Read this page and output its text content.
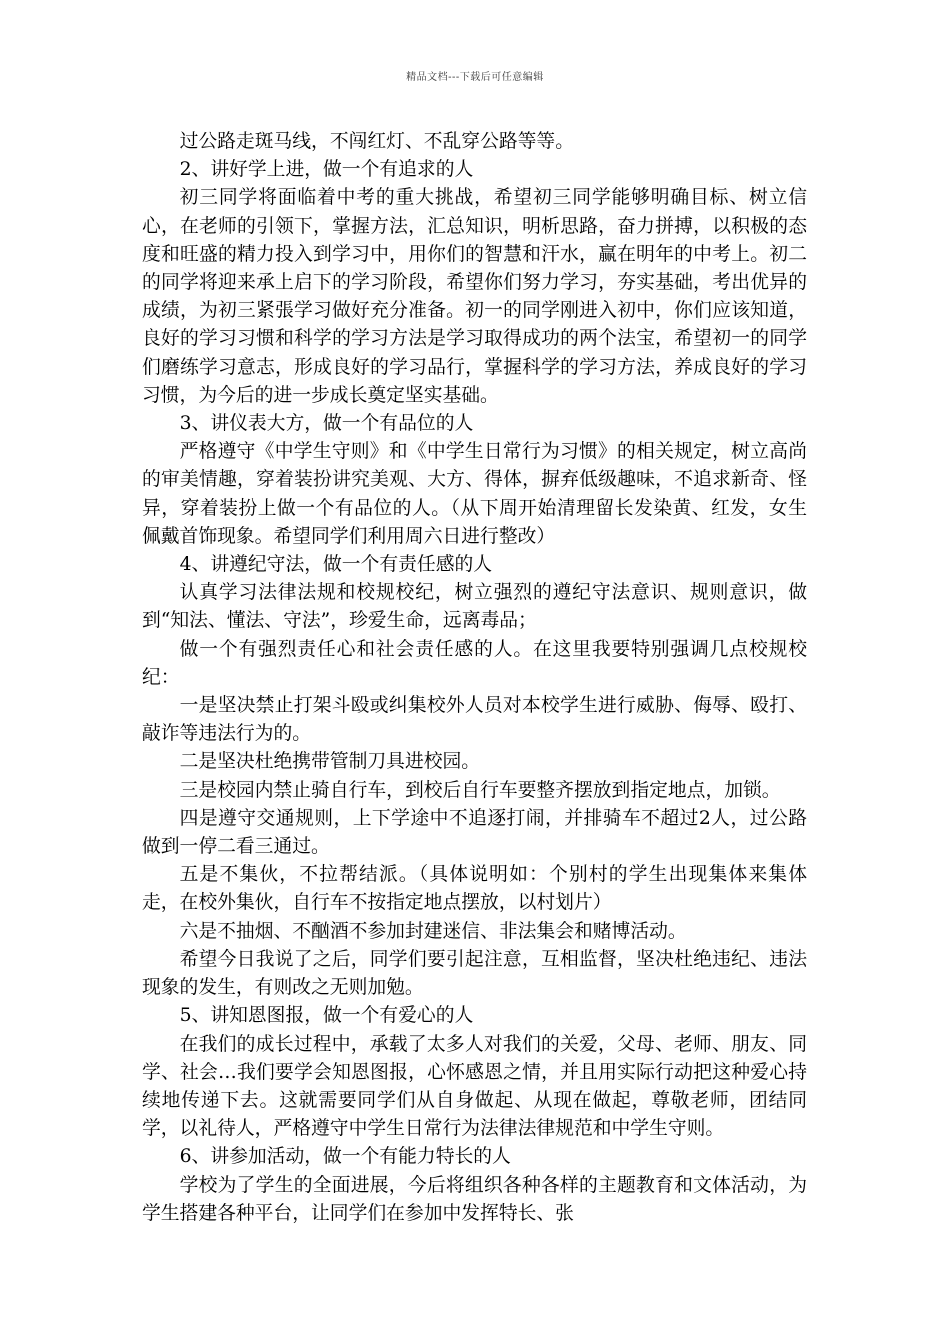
精品文档---下载后可任意编辑

过公路走斑马线，不闯红灯、不乱穿公路等等。

2、讲好学上进，做一个有追求的人

初三同学将面临着中考的重大挑战，希望初三同学能够明确目标、树立信心，在老师的引领下，掌握方法，汇总知识，明析思路，奋力拼搏，以积极的态度和旺盛的精力投入到学习中，用你们的智慧和汗水，赢在明年的中考上。初二的同学将迎来承上启下的学习阶段，希望你们努力学习，夯实基础，考出优异的成绩，为初三紧張学习做好充分准备。初一的同学刚进入初中，你们应该知道，良好的学习习惯和科学的学习方法是学习取得成功的两个法宝，希望初一的同学们磨练学习意志，形成良好的学习品行，掌握科学的学习方法，养成良好的学习习惯，为今后的进一步成长奠定坚实基础。

3、讲仪表大方，做一个有品位的人

严格遵守《中学生守则》和《中学生日常行为习惯》的相关规定，树立高尚的审美情趣，穿着装扮讲究美观、大方、得体，摒弃低级趣味，不追求新奇、怪异，穿着装扮上做一个有品位的人。（从下周开始清理留长发染黄、红发，女生佩戴首饰现象。希望同学们利用周六日进行整改）

4、讲遵纪守法，做一个有责任感的人

认真学习法律法规和校规校纪，树立强烈的遵纪守法意识、规则意识，做到“知法、懂法、守法”，珍爱生命，远离毒品；

做一个有强烈责任心和社会责任感的人。在这里我要特别强调几点校规校纪：

一是坚决禁止打架斗殴或纠集校外人员对本校学生进行威胁、侮辱、殴打、敲诈等违法行为的。

二是坚决杜绝携带管制刀具进校园。

三是校园内禁止骑自行车，到校后自行车要整齐摆放到指定地点，加锁。

四是遵守交通规则，上下学途中不追逐打闹，并排骑车不超过2人，过公路做到一停二看三通过。

五是不集伙，不拉帮结派。（具体说明如：个别村的学生出现集体来集体走，在校外集伙，自行车不按指定地点摆放，以村划片）

六是不抽烟、不酗酒不参加封建迷信、非法集会和赌博活动。

希望今日我说了之后，同学们要引起注意，互相监督，坚决杜绝违纪、违法现象的发生，有则改之无则加勉。

5、讲知恩图报，做一个有爱心的人

在我们的成长过程中，承载了太多人对我们的关爱，父母、老师、朋友、同学、社会…我们要学会知恩图报，心怀感恩之情，并且用实际行动把这种爱心持续地传递下去。这就需要同学们从自身做起、从现在做起，尊敬老师，团结同学，以礼待人，严格遵守中学生日常行为法律法律规范和中学生守则。

6、讲参加活动，做一个有能力特长的人

学校为了学生的全面进展，今后将组织各种各样的主题教育和文体活动，为学生搭建各种平台，让同学们在参加中发挥特长、张
